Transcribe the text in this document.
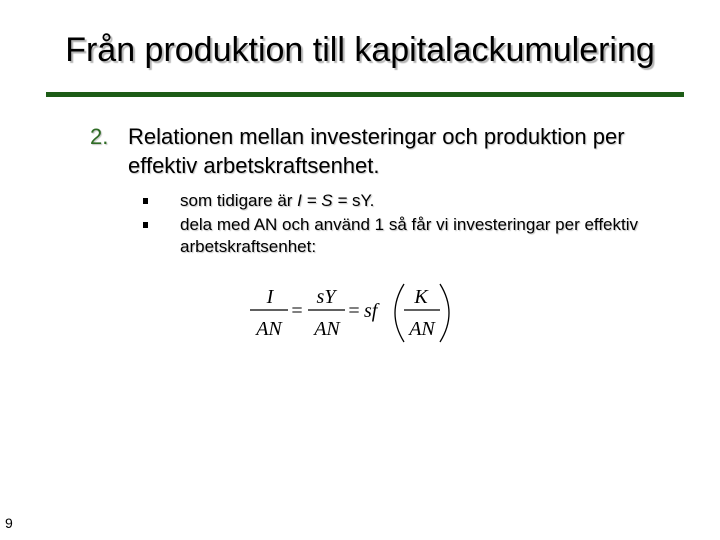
Från produktion till kapitalackumulering
2. Relationen mellan investeringar och produktion per effektiv arbetskraftsenhet.
som tidigare är I = S = sY.
dela med AN och använd 1 så får vi investeringar per effektiv arbetskraftsenhet:
I
AN
=
sY
AN
= sf
K
AN
9
